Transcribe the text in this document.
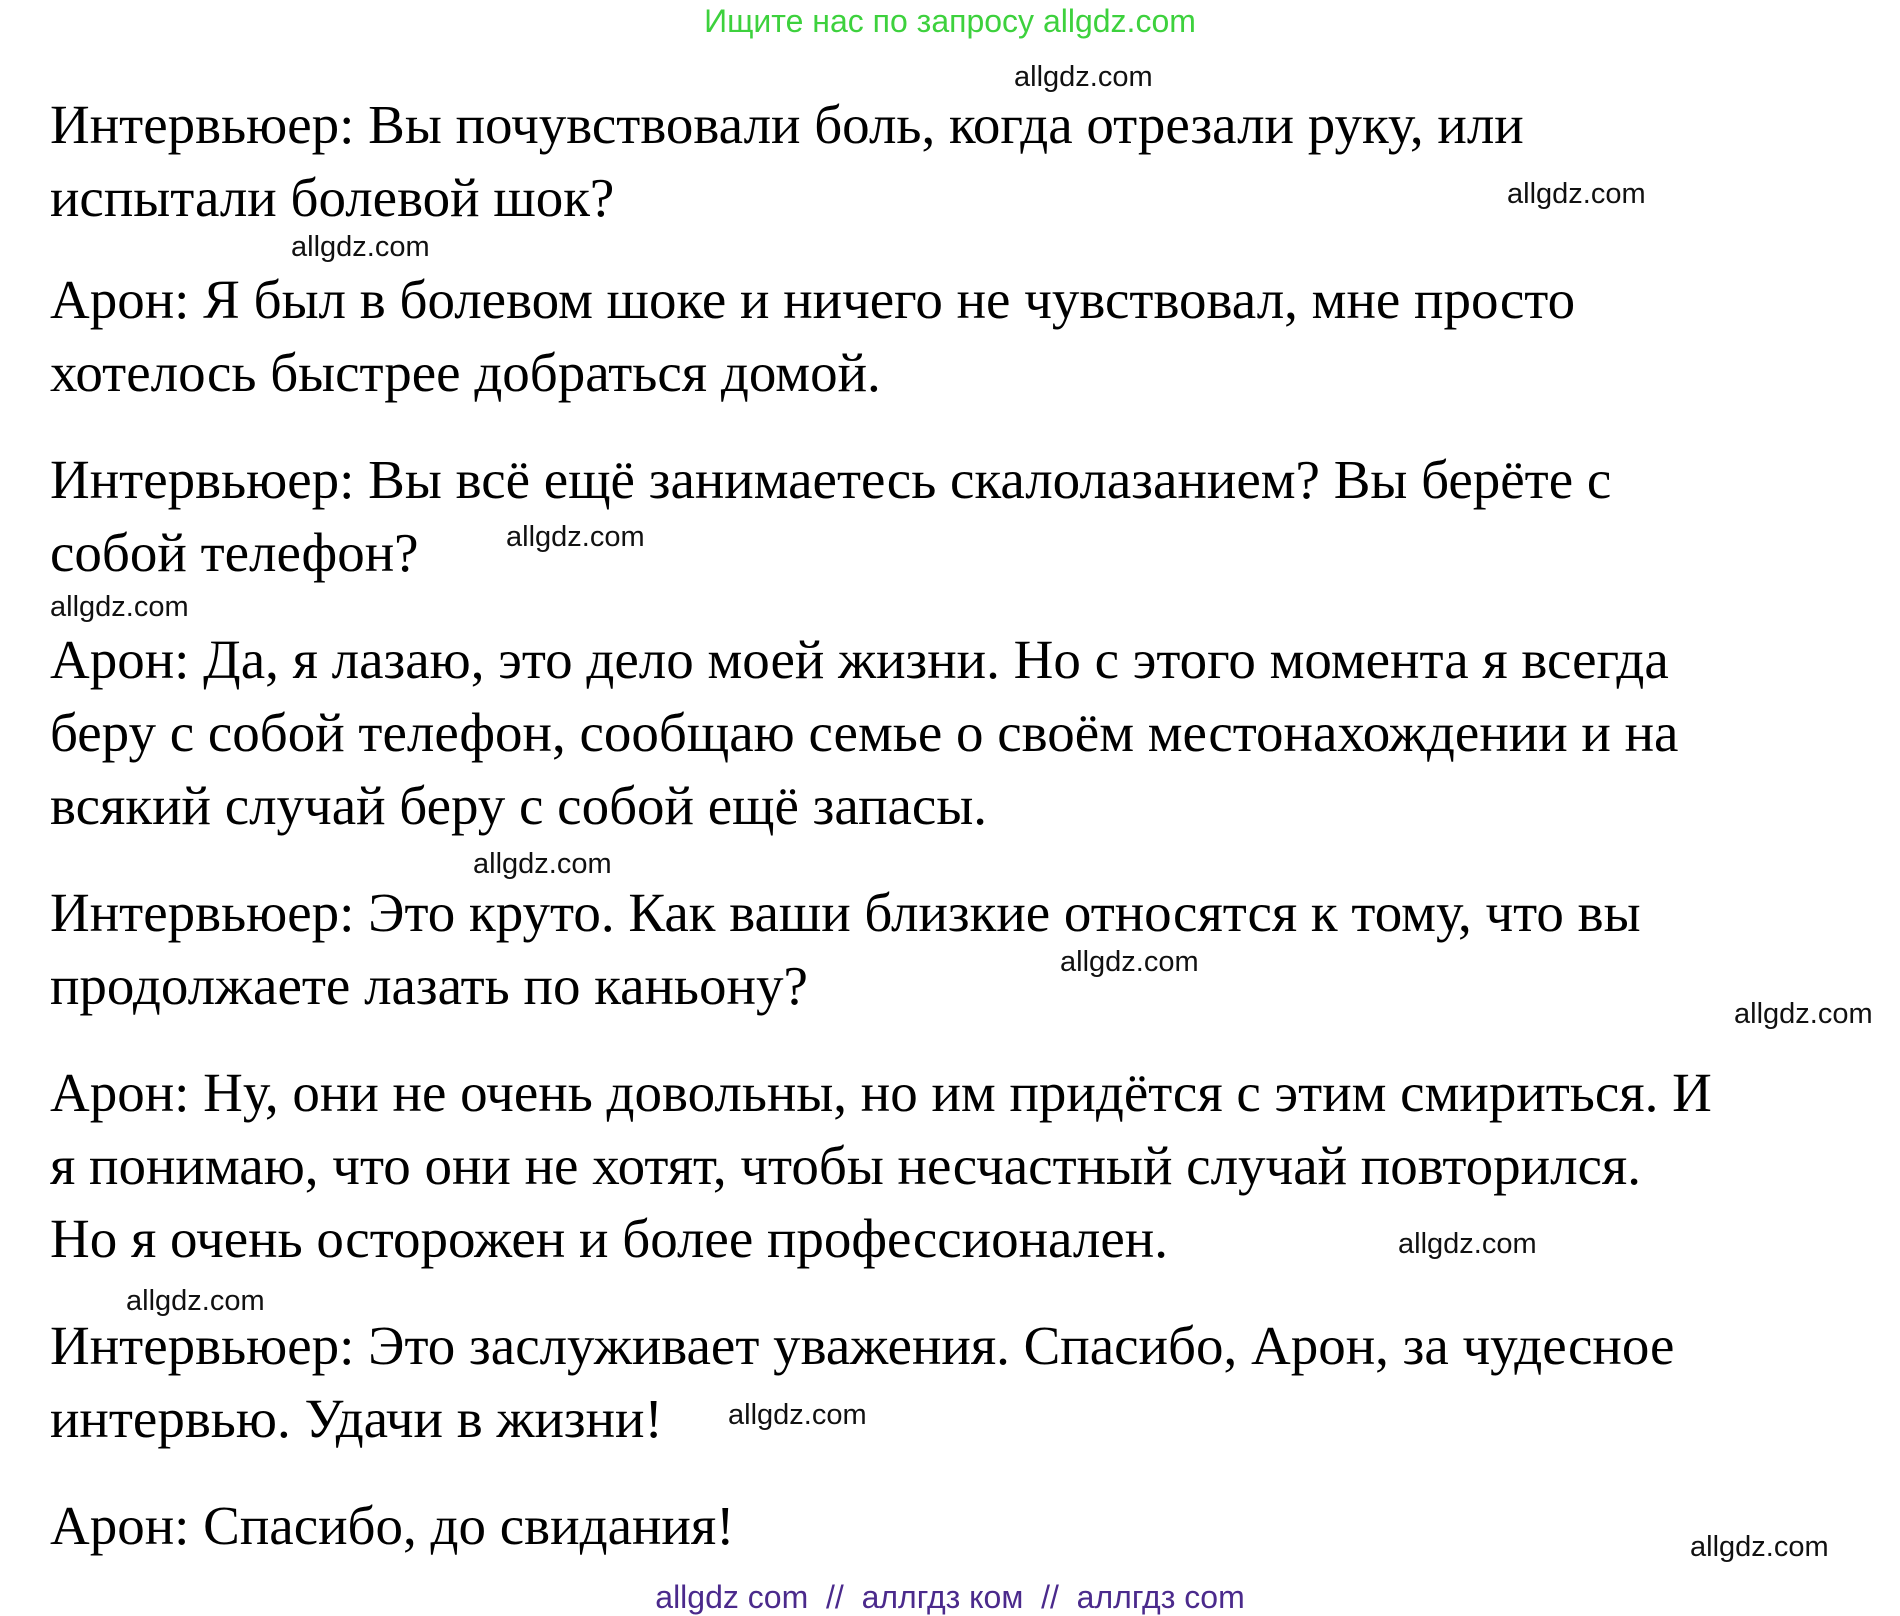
Ищите нас по запросу allgdz.com
Интервьюер: Вы почувствовали боль, когда отрезали руку, или
испытали болевой шок?
Арон: Я был в болевом шоке и ничего не чувствовал, мне просто
хотелось быстрее добраться домой.
Интервьюер: Вы всё ещё занимаетесь скалолазанием? Вы берёте с
собой телефон?
Арон: Да, я лазаю, это дело моей жизни. Но с этого момента я всегда
беру с собой телефон, сообщаю семье о своём местонахождении и на
всякий случай беру с собой ещё запасы.
Интервьюер: Это круто. Как ваши близкие относятся к тому, что вы
продолжаете лазать по каньону?
Арон: Ну, они не очень довольны, но им придётся с этим смириться. И
я понимаю, что они не хотят, чтобы несчастный случай повторился.
Но я очень осторожен и более профессионален.
Интервьюер: Это заслуживает уважения. Спасибо, Арон, за чудесное
интервью. Удачи в жизни!
Арон: Спасибо, до свидания!
allgdz.com
allgdz.com
allgdz.com
allgdz.com
allgdz.com
allgdz.com
allgdz.com
allgdz.com
allgdz.com
allgdz.com
allgdz.com
allgdz.com
allgdz com  //  аллгдз ком  //  аллгдз com
